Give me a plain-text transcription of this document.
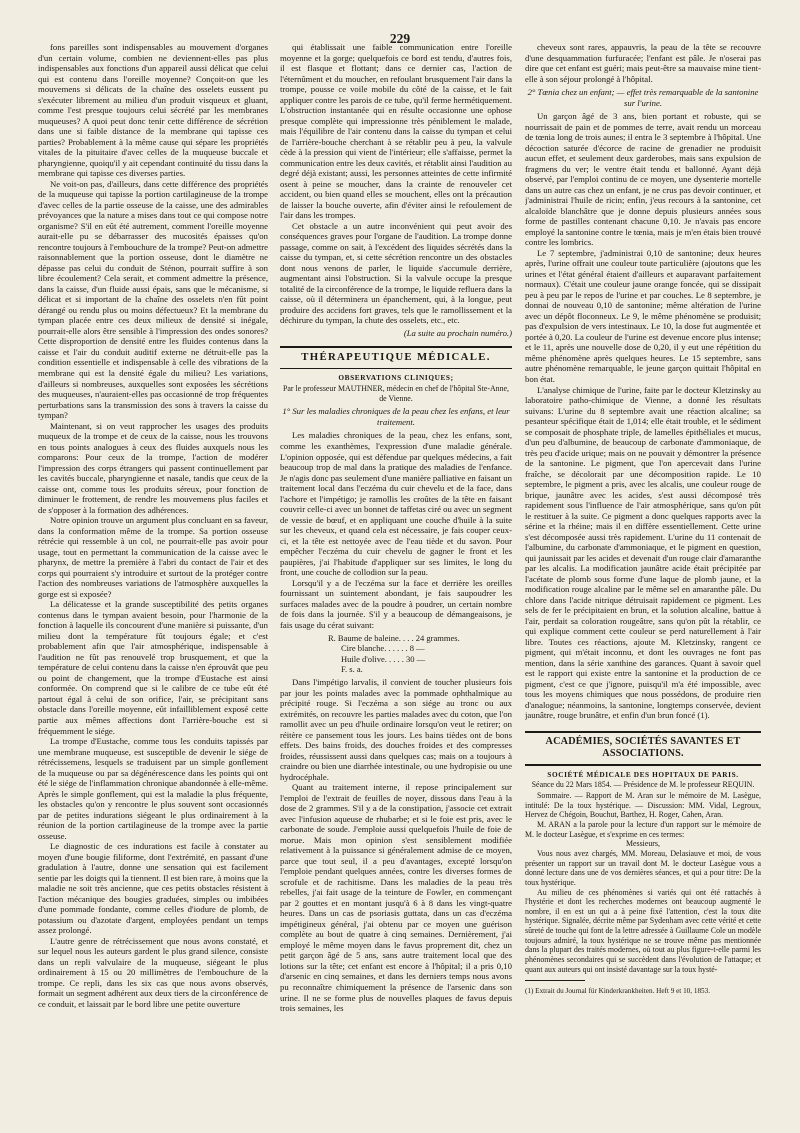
229

fons pareilles sont indispensables au mouvement d'organes d'un certain volume, combien ne deviennent-elles pas plus indispensables aux fonctions d'un appareil aussi délicat que celui qui est contenu dans l'oreille moyenne? Conçoit-on que les mouvemens si délicats de la chaîne des osselets eussent pu s'exécuter librement au milieu d'un produit visqueux et gluant, comme l'est presque toujours celui sécrété par les membranes muqueuses? A quoi peut donc tenir cette différence de sécrétion dans une si faible distance de la membrane qui tapisse ces parties? Probablement à la même cause qui sépare les propriétés vitales de la pituitaire d'avec celles de la muqueuse buccale et pharyngienne, quoiqu'il y ait cependant continuité du tissu dans la membrane qui tapisse ces diverses parties.

Ne voit-on pas, d'ailleurs, dans cette différence des propriétés de la muqueuse qui tapisse la portion cartilagineuse de la trompe d'avec celles de la partie osseuse de la caisse, une des admirables prévoyances que la nature a mises dans tout ce qui compose notre organisme? S'il en eût été autrement, comment l'oreille moyenne aurait-elle pu se débarrasser des mucosités épaisses qu'on rencontre toujours à l'embouchure de la trompe? Peut-on admettre raisonnablement que la portion osseuse, dont le diamètre ne dépasse pas celui du conduit de Sténon, pourrait suffire à son libre écoulement? Cela serait, et comment admettre la présence, dans la caisse, d'un fluide aussi épais, sans que le mécanisme, si délicat et si important de la chaîne des osselets n'en fût point dérangé ou rendu plus ou moins défectueux? Et la membrane du tympan placée entre ces deux milieux de densité si inégale, pourrait-elle alors être sensible à l'impression des ondes sonores? Cette disproportion de densité entre les fluides contenus dans la caisse et l'air du conduit auditif externe ne détruit-elle pas la condition essentielle et indispensable à celle des vibrations de la membrane qui est la densité égale du milieu? Les variations, d'ailleurs si nombreuses, auxquelles sont exposées les sécrétions des muqueuses, n'auraient-elles pas occasionné de trop fréquentes perturbations sans la transmission des sons à travers la caisse du tympan?

Maintenant, si on veut rapprocher les usages des produits muqueux de la trompe et de ceux de la caisse, nous les trouvons en tous points analogues à ceux des fluides auxquels nous les comparons: Pour ceux de la trompe, l'action de modérer l'impression des corps étrangers qui passent continuellement par les cavités buccale, pharyngienne et nasale, tandis que ceux de la caisse ont, comme tous les produits séreux, pour fonction de diminuer le frottement, de rendre les mouvemens plus faciles et de s'opposer à la formation des adhérences.

Notre opinion trouve un argument plus concluant en sa faveur, dans la conformation même de la trompe. Sa portion osseuse rétrécie qui ressemble à un col, ne pourrait-elle pas avoir pour usage, tout en permettant la communication de la caisse avec le pharynx, de mettre la première à l'abri du contact de l'air et des corps qui pourraient s'y introduire et surtout de la protéger contre l'action des nombreuses variations de l'atmosphère auxquelles la gorge est si exposée?

La délicatesse et la grande susceptibilité des petits organes contenus dans le tympan avaient besoin, pour l'harmonie de la fonction à laquelle ils concourent d'une manière si puissante, d'un milieu dont la température fût toujours égale; et c'est probablement afin que l'air atmosphérique, indispensable à l'audition ne fût pas renouvelé trop brusquement, et que la température de celui contenu dans la caisse n'en éprouvât que peu ou point de changement, que la trompe d'Eustache est ainsi conformée. On comprend que si le calibre de ce tube eût été partout égal à celui de son orifice, l'air, se précipitant sans obstacle dans l'oreille moyenne, eût infailliblement exposé cette partie aux mêmes affections dont l'arrière-bouche est si fréquemment le siége.

La trompe d'Eustache, comme tous les conduits tapissés par une membrane muqueuse, est susceptible de devenir le siége de rétrécissemens, lesquels se traduisent par un simple gonflement de la muqueuse ou par sa dégénérescence dans les points qui ont été le siége de l'inflammation chronique abandonnée à elle-même. Après le simple gonflement, qui est la maladie la plus fréquente, les obstacles qu'on y rencontre le plus souvent sont occasionnés par de petites indurations siégeant le plus ordinairement à la réunion de la portion cartilagineuse de la trompe avec la partie osseuse.

Le diagnostic de ces indurations est facile à constater au moyen d'une bougie filiforme, dont l'extrémité, en passant d'une gradulation à l'autre, donne une sensation qui est facilement sentie par les doigts qui la tiennent. Il est bien rare, à moins que la maladie ne soit très ancienne, que ces petits obstacles résistent à l'action mécanique des bougies graduées, simples ou imbibées d'une pommade fondante, comme celles d'iodure de plomb, de potassium ou d'azotate d'argent, employées pendant un temps assez prolongé.

L'autre genre de rétrécissement que nous avons constaté, et sur lequel nous les auteurs gardent le plus grand silence, consiste dans un repli valvulaire de la muqueuse, siégeant le plus ordinairement à 15 ou 20 millimètres de l'embouchure de la trompe. Ce repli, dans les six cas que nous avons observés, formait un segment adhérent aux deux tiers de la circonférence de ce conduit, et laissait par le bord libre une petite ouverture

qui établissait une faible communication entre l'oreille moyenne et la gorge; quelquefois ce bord est tendu, d'autres fois, il est flasque et flottant; dans ce dernier cas, l'action de l'éternûment et du moucher, en refoulant brusquement l'air dans la trompe, pousse ce voile mobile du côté de la caisse, et le fait appliquer contre les parois de ce tube, qu'il ferme hermétiquement. L'obstruction instantanée qui en résulte occasionne une ophose presque complète qui impressionne très péniblement le malade, mais l'équilibre de l'air contenu dans la caisse du tympan et celui de l'arrière-bouche cherchant à se rétablir peu à peu, la valvule cède à la pression qui vient de l'intérieur; elle s'affaisse, permet la communication entre les deux cavités, et rétablit ainsi l'audition au degré déjà existant; aussi, les personnes atteintes de cette infirmité osent à peine se moucher, dans la crainte de renouveler cet accident, ou bien quand elles se mouchent, elles ont la précaution de laisser la bouche ouverte, afin d'éviter ainsi le refoulement de l'air dans les trompes.

Cet obstacle a un autre inconvénient qui peut avoir des conséquences graves pour l'organe de l'audition. La trompe donne passage, comme on sait, à l'excédent des liquides sécrétés dans la caisse du tympan, et, si cette sécrétion rencontre un des obstacles dont nous venons de parler, le liquide s'accumule derrière, augmentant ainsi l'obstruction. Si la valvule occupe la presque totalité de la circonférence de la trompe, le liquide refluera dans la caisse, où il déterminera un épanchement, qui, à la longue, peut produire des accidens fort graves, tels que le ramollissement et la déchirure du tympan, la chute des osselets, etc., etc.

(La suite au prochain numéro.)

THÉRAPEUTIQUE MÉDICALE.

OBSERVATIONS CLINIQUES;

Par le professeur MAUTHNER, médecin en chef de l'hôpital Ste-Anne, de Vienne.

1° Sur les maladies chroniques de la peau chez les enfans, et leur traitement.

Les maladies chroniques de la peau, chez les enfans, sont, comme les exanthèmes, l'expression d'une maladie générale. L'opinion opposée, qui est défendue par quelques médecins, a fait beaucoup trop de mal dans la pratique des maladies de l'enfance. Je n'agis donc pas seulement d'une manière palliative en faisant un traitement local dans l'eczéma du cuir chevelu et de la face, dans l'achore et l'impétigo; je ramollis les croûtes de la tête en faisant couvrir celle-ci avec un bonnet de taffetas ciré ou avec un segment de vessie de bœuf, et en appliquant une couche d'huile à la suite sur les cheveux, et quand cela est nécessaire, je fais couper ceux-ci, et la tête est nettoyée avec de l'eau tiède et du savon. Pour empêcher l'eczéma du cuir chevelu de gagner le front et les paupières, j'ai l'habitude d'appliquer sur ses limites, le long du front, une couche de collodion sur la peau.

Lorsqu'il y a de l'eczéma sur la face et derrière les oreilles fournissant un suintement abondant, je fais saupoudrer les surfaces malades avec de la poudre à poudrer, un certain nombre de fois dans la journée. S'il y a beaucoup de démangeaisons, je fais usage du cérat suivant:

R. Baume de baleine. . . . 24 grammes.
Cire blanche. . . . . . 8 —
Huile d'olive. . . . . 30 —
F. s. a.

Dans l'impétigo larvalis, il convient de toucher plusieurs fois par jour les points malades avec la pommade ophthalmique au précipité rouge. Si l'eczéma a son siége au tronc ou aux extrémités, on recouvre les parties malades avec du coton, que l'on ramollit avec un peu d'huile ordinaire lorsqu'on veut le retirer; on réitère ce pansement tous les jours. Les bains tièdes ont de bons effets. Des bains froids, des douches froides et des compresses froides, réussissent aussi dans quelques cas; mais on a toujours à craindre ou bien une diarrhée intestinale, ou une hydropisie ou une hydrocéphale.

Quant au traitement interne, il repose principalement sur l'emploi de l'extrait de feuilles de noyer, dissous dans l'eau à la dose de 2 grammes. S'il y a de la constipation, j'associe cet extrait avec l'infusion aqueuse de rhubarbe; et si le foie est pris, avec le carbonate de soude. J'emploie aussi quelquefois l'huile de foie de morue. Mais mon opinion s'est sensiblement modifiée relativement à la puissance si généralement admise de ce moyen, parce que tout seul, il a peu d'avantages, excepté lorsqu'on l'emploie pendant quelques années, contre les diverses formes de scrofule et de rachitisme. Dans les maladies de la peau très rebelles, j'ai fait usage de la teinture de Fowler, en commençant par 2 gouttes et en montant jusqu'à 6 à 8 dans les vingt-quatre heures. Dans un cas de psoriasis guttata, dans un cas d'eczéma impétigineux général, j'ai obtenu par ce moyen une guérison complète au bout de quatre à cinq semaines. Dernièrement, j'ai employé le même moyen dans le favus proprement dit, chez un petit garçon âgé de 5 ans, sans autre traitement local que des lotions sur la tête; cet enfant est encore à l'hôpital; il a pris 0,10 d'arsenic en cinq semaines, et dans les derniers temps nous avons pu reconnaître chimiquement la présence de l'arsenic dans son urine. Il ne se forme plus de nouvelles plaques de favus depuis trois semaines, les

cheveux sont rares, appauvris, la peau de la tête se recouvre d'une desquammation furfuracée; l'enfant est pâle. Je n'oserai pas dire que cet enfant est guéri; mais peut-être sa mauvaise mine tient-elle à son séjour prolongé à l'hôpital.

2° Tœnia chez un enfant; — effet très remarquable de la santonine sur l'urine.

Un garçon âgé de 3 ans, bien portant et robuste, qui se nourrissait de pain et de pommes de terre, avait rendu un morceau de tœnia long de trois aunes; il entra le 3 septembre à l'hôpital. Une décoction saturée d'écorce de racine de grenadier ne produisit aucun effet, et seulement deux garderobes, mais sans expulsion de fragmens du ver; le ventre était tendu et ballonné. Ayant déjà observé, par l'emploi continu de ce moyen, une dysenterie mortelle dans un autre cas chez un enfant, je ne crus pas devoir continuer, et j'administrai l'huile de ricin; enfin, j'eus recours à la santonine, cet alcaloïde blanchâtre que je donne depuis plusieurs années sous forme de pastilles contenant chacune 0,10. Je n'avais pas encore employé la santonine contre le tœnia, mais je m'en étais bien trouvé contre les lombrics.

Le 7 septembre, j'administrai 0,10 de santonine; deux heures après, l'urine offrait une couleur toute particulière (ajoutons que les urines et l'état général étaient d'ailleurs et auparavant parfaitement normaux). C'était une couleur jaune orange foncée, qui se dissipait peu à peu par le repos de l'urine et par couches. Le 8 septembre, je donnai de nouveau 0,10 de santonine; même altération de l'urine avec un dépôt floconneux. Le 9, le même phénomène se produisit; pas d'expulsion de vers intestinaux. Le 10, la dose fut augmentée et portée à 0,20. La couleur de l'urine est devenue encore plus intense; et le 11, après une nouvelle dose de 0,20, il y eut une répétition du même phénomène après quelques heures. Le 15 septembre, sans autre phénomène remarquable, le jeune garçon quittait l'hôpital en bon état.

L'analyse chimique de l'urine, faite par le docteur Kletzinsky au laboratoire patho-chimique de Vienne, a donné les résultats suivans: L'urine du 8 septembre avait une réaction alcaline; sa pesanteur spécifique était de 1,014; elle était trouble, et le sédiment se composait de phosphate triple, de lamelles épithéliales et mucus, d'un peu d'albumine, de beaucoup de carbonate d'ammoniaque, de très peu d'acide urique; mais on ne pouvait y démontrer la présence de la santonine. Le pigment, que l'on apercevait dans l'urine fraîche, se décolorait par une décomposition rapide. Le 10 septembre, le pigment a pris, avec les alcalis, une couleur rouge de brique, jaunâtre avec les acides, s'est aussi décomposé très rapidement sous l'influence de l'air atmosphérique, sans qu'on pût le restituer à la suite. Ce pigment a donc quelques rapports avec la sérine et la rhéine; mais il en diffère essentiellement. Cette urine s'est décomposée aussi très rapidement. L'urine du 11 contenait de l'albumine, du carbonate d'ammoniaque, et le pigment en question, qui jaunissait par les acides et devenait d'un rouge clair d'amaranthe par les alcalis. La modification jaunâtre acide était précipitée par l'acétate de plomb sous forme d'une laque de plomb jaune, et la modification rouge alcaline par le même sel en amaranthe pâle. Du chlore dans l'acide nitrique détruisait rapidement ce pigment. Les sels de fer le précipitaient en brun, et la solution alcaline, battue à l'air, perdait sa coloration rougeâtre, sans qu'on pût la rétablir, ce qui explique comment cette couleur se perd naturellement à l'air libre. Toutes ces réactions, ajoute M. Kletzinsky, rangent ce pigment, qui m'était inconnu, et dont les ouvrages ne font pas mention, dans la série xanthine des garances. Quant à savoir quel est le rapport qui existe entre la santonine et la production de ce pigment, c'est ce que j'ignore, puisqu'il m'a été impossible, avec tous les moyens chimiques que nous possédons, de produire rien d'analogue; néanmoins, la santonine, longtemps conservée, devient jaunâtre, rouge brunâtre, et enfin d'un brun foncé (1).

ACADÉMIES, SOCIÉTÉS SAVANTES ET ASSOCIATIONS.

SOCIÉTÉ MÉDICALE DES HOPITAUX DE PARIS.

Séance du 22 Mars 1854. — Présidence de M. le professeur REQUIN.

Sommaire. — Rapport de M. Aran sur le mémoire de M. Lasègue, intitulé: De la toux hystérique. — Discussion: MM. Vidal, Legroux, Hervez de Chégoin, Bouchut, Barthez, H. Roger, Cahen, Aran.

M. ARAN a la parole pour la lecture d'un rapport sur le mémoire de M. le docteur Lasègue, et s'exprime en ces termes:

Messieurs,

Vous nous avez chargés, MM. Moreau, Delasiauve et moi, de vous présenter un rapport sur un travail dont M. le docteur Lasègue vous a donné lecture dans une de vos dernières séances, et qui a pour titre: De la toux hystérique.

Au milieu de ces phénomènes si variés qui ont été rattachés à l'hystérie et dont les recherches modernes ont beaucoup augmenté le nombre, il en est un qui a à peine fixé l'attention, c'est la toux dite hystérique. Signalée, décrite même par Sydenham avec cette vérité et cette sûreté de touche qui font de la lettre adressée à Guillaume Cole un modèle toujours admiré, la toux hystérique ne se trouve même pas mentionnée dans la plupart des traités modernes, où tout au plus figure-t-elle parmi les phénomènes secondaires qui se succèdent dans l'évolution de l'attaque; et quant aux auteurs qui ont insisté davantage sur la toux hysté-

(1) Extrait du Journal für Kinderkrankheiten. Heft 9 et 10, 1853.
